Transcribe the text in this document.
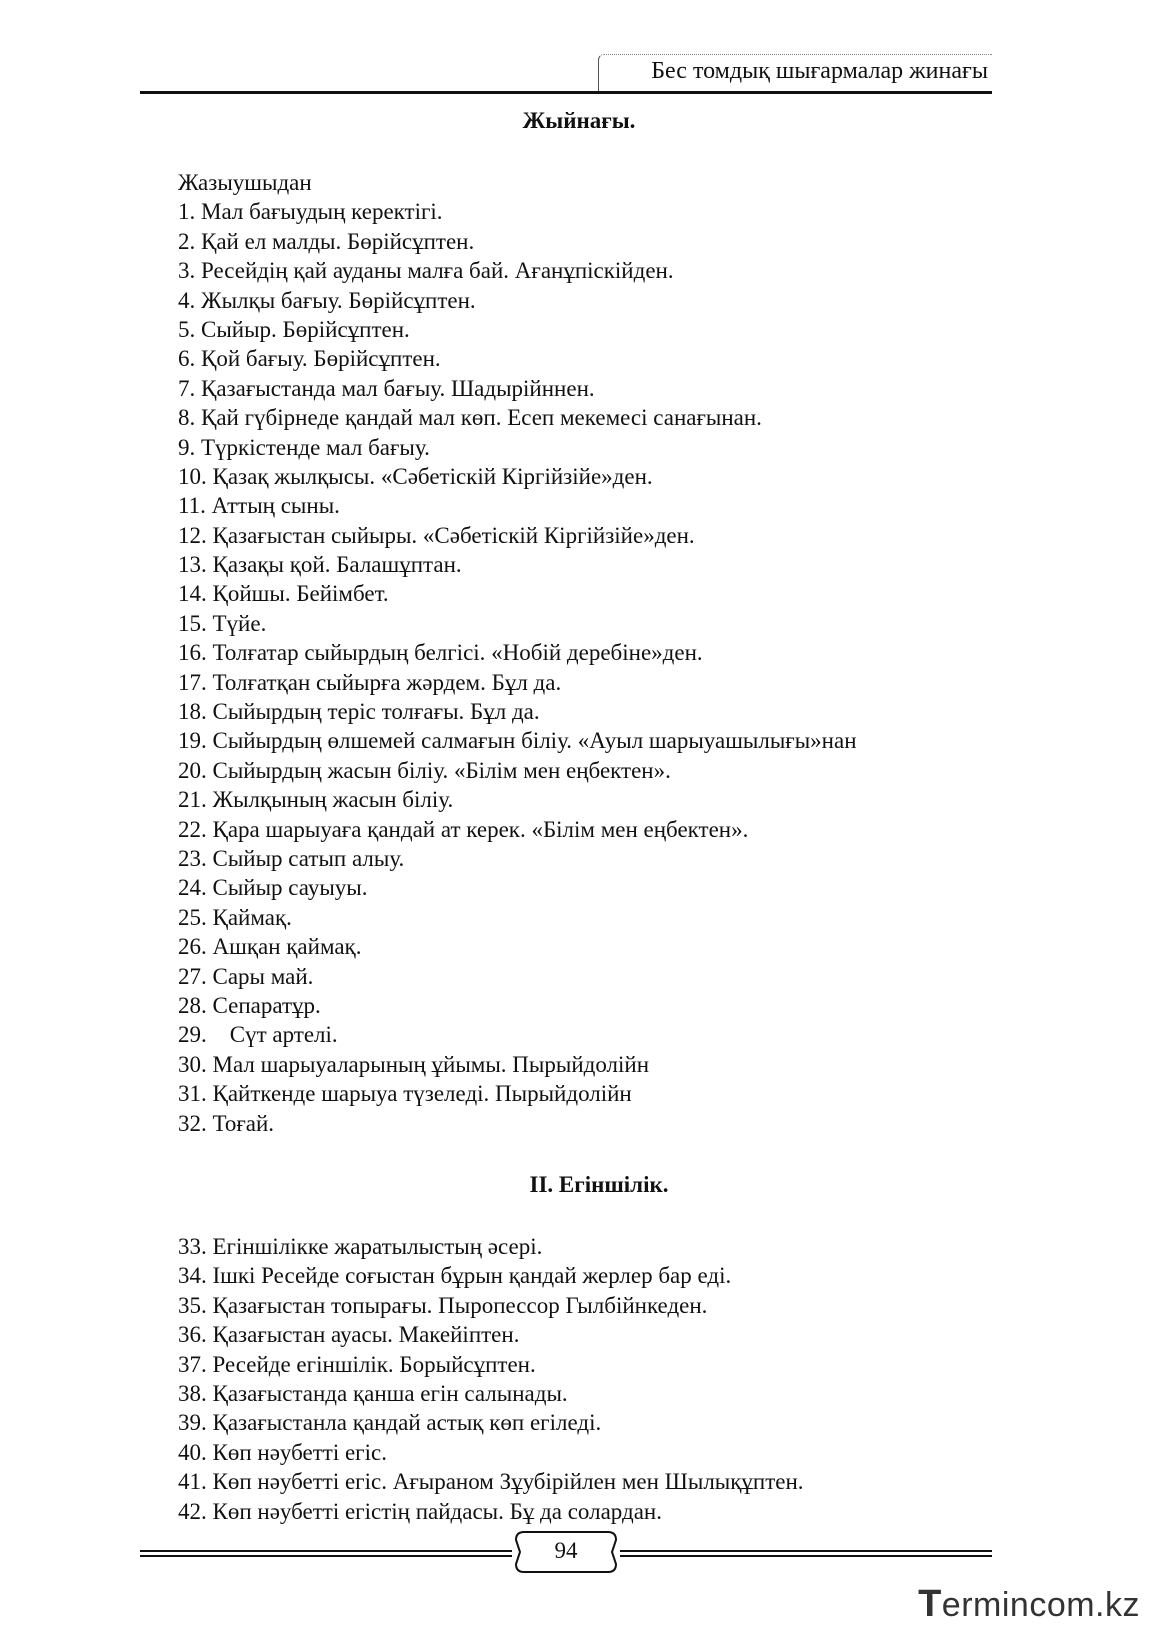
Бес томдық шығармалар жинағы
Жыйнағы.
Жазыушыдан
1. Мал бағыудың керектігі.
2. Қай ел малды. Бөрійсұптен.
3. Ресейдің қай ауданы малға бай. Ағанұпіскійден.
4. Жылқы бағыу. Бөрійсұптен.
5. Сыйыр. Бөрійсұптен.
6. Қой бағыу. Бөрійсұптен.
7. Қазағыстанда мал бағыу. Шадырійннен.
8. Қай гүбірнеде қандай мал көп. Есеп мекемесі санағынан.
9. Түркістенде мал бағыу.
10. Қазақ жылқысы. «Сәбетіскій Кіргійзійе»ден.
11. Аттың сыны.
12. Қазағыстан сыйыры. «Сәбетіскій Кіргійзійе»ден.
13. Қазақы қой. Балашұптан.
14. Қойшы. Бейімбет.
15. Түйе.
16. Толғатар сыйырдың белгісі. «Нобій деребіне»ден.
17. Толғатқан сыйырға жәрдем. Бұл да.
18. Сыйырдың теріс толғағы. Бұл да.
19. Сыйырдың өлшемей салмағын біліу. «Ауыл шарыуашылығы»нан
20. Сыйырдың жасын біліу. «Білім мен еңбектен».
21. Жылқының жасын біліу.
22. Қара шарыуаға қандай ат керек. «Білім мен еңбектен».
23. Сыйыр сатып алыу.
24. Сыйыр сауыуы.
25. Қаймақ.
26. Ашқан қаймақ.
27. Сары май.
28. Сепаратұр.
29.    Сүт артелі.
30. Мал шарыуаларының ұйымы. Пырыйдолійн
31. Қайткенде шарыуа түзеледі. Пырыйдолійн
32. Тоғай.
ІІ. Егіншілік.
33. Егіншілікке жаратылыстың әсері.
34. Ішкі Ресейде соғыстан бұрын қандай жерлер бар еді.
35. Қазағыстан топырағы. Пыропессор Гылбійнкеден.
36. Қазағыстан ауасы. Макейіптен.
37. Ресейде егіншілік. Борыйсұптен.
38. Қазағыстанда қанша егін салынады.
39. Қазағыстанла қандай астық көп егіледі.
40. Көп нәубетті егіс.
41. Көп нәубетті егіс. Ағыраном Зұубірійлен мен Шылықұптен.
42. Көп нәубетті егістің пайдасы. Бұ да солардан.
94
Termincom.kz
